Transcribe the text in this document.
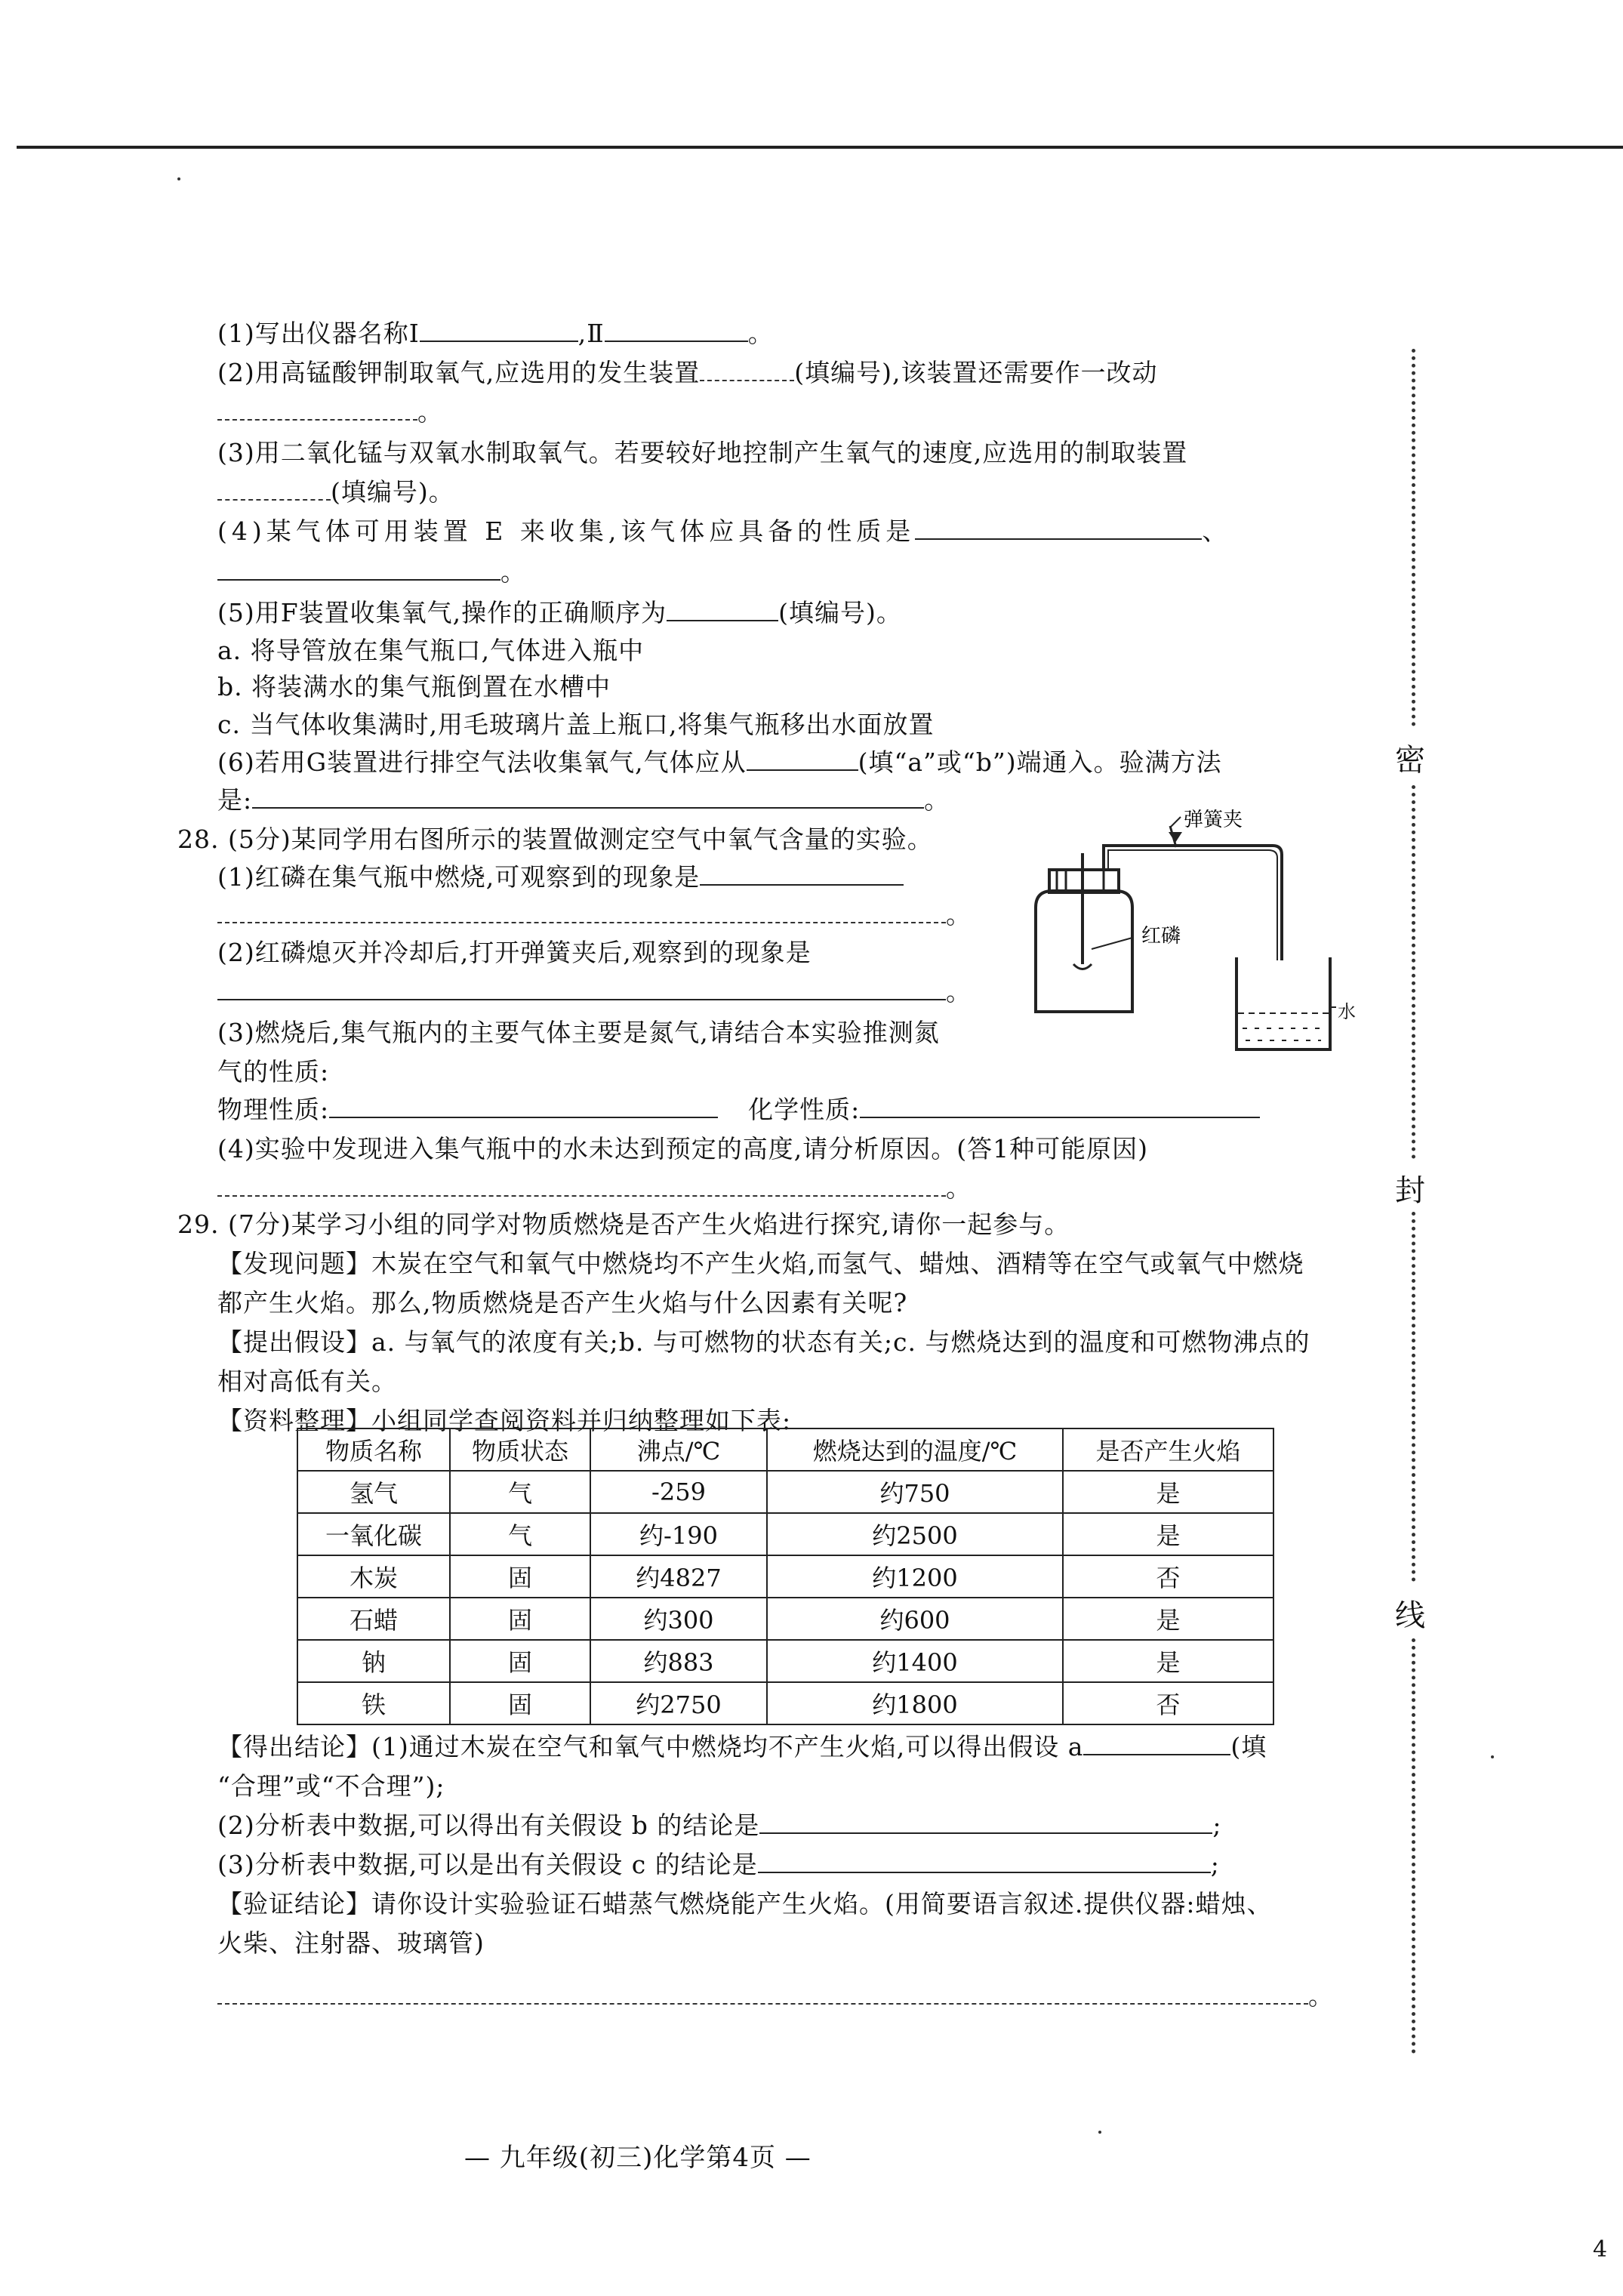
密
封
线
(1)写出仪器名称Ⅰ	,Ⅱ	。
(2)用高锰酸钾制取氧气,应选用的发生装置	(填编号),该装置还需要作一改动
。
(3)用二氧化锰与双氧水制取氧气。若要较好地控制产生氧气的速度,应选用的制取装置
(填编号)。
(4)某气体可用装置 E 来收集,该气体应具备的性质是	、
。
(5)用F装置收集氧气,操作的正确顺序为	(填编号)。
a. 将导管放在集气瓶口,气体进入瓶中
b. 将装满水的集气瓶倒置在水槽中
c. 当气体收集满时,用毛玻璃片盖上瓶口,将集气瓶移出水面放置
(6)若用G装置进行排空气法收集氧气,气体应从	(填“a”或“b”)端通入。验满方法
是:	。
28. (5分)某同学用右图所示的装置做测定空气中氧气含量的实验。
(1)红磷在集气瓶中燃烧,可观察到的现象是
。
(2)红磷熄灭并冷却后,打开弹簧夹后,观察到的现象是
。
(3)燃烧后,集气瓶内的主要气体主要是氮气,请结合本实验推测氮
气的性质:
物理性质:	化学性质:
(4)实验中发现进入集气瓶中的水未达到预定的高度,请分析原因。(答1种可能原因)
。
弹簧夹
红磷
水
29. (7分)某学习小组的同学对物质燃烧是否产生火焰进行探究,请你一起参与。
【发现问题】木炭在空气和氧气中燃烧均不产生火焰,而氢气、蜡烛、酒精等在空气或氧气中燃烧
都产生火焰。那么,物质燃烧是否产生火焰与什么因素有关呢?
【提出假设】a. 与氧气的浓度有关;b. 与可燃物的状态有关;c. 与燃烧达到的温度和可燃物沸点的
相对高低有关。
【资料整理】小组同学查阅资料并归纳整理如下表:
物质名称	物质状态	沸点/℃	燃烧达到的温度/℃	是否产生火焰
氢气	气	-259	约750	是
一氧化碳	气	约-190	约2500	是
木炭	固	约4827	约1200	否
石蜡	固	约300	约600	是
钠	固	约883	约1400	是
铁	固	约2750	约1800	否
【得出结论】(1)通过木炭在空气和氧气中燃烧均不产生火焰,可以得出假设 a	(填
“合理”或“不合理”);
(2)分析表中数据,可以得出有关假设 b 的结论是	;
(3)分析表中数据,可以是出有关假设 c 的结论是	;
【验证结论】请你设计实验验证石蜡蒸气燃烧能产生火焰。(用简要语言叙述.提供仪器:蜡烛、
火柴、注射器、玻璃管)
。
— 九年级(初三)化学第4页 —
4
